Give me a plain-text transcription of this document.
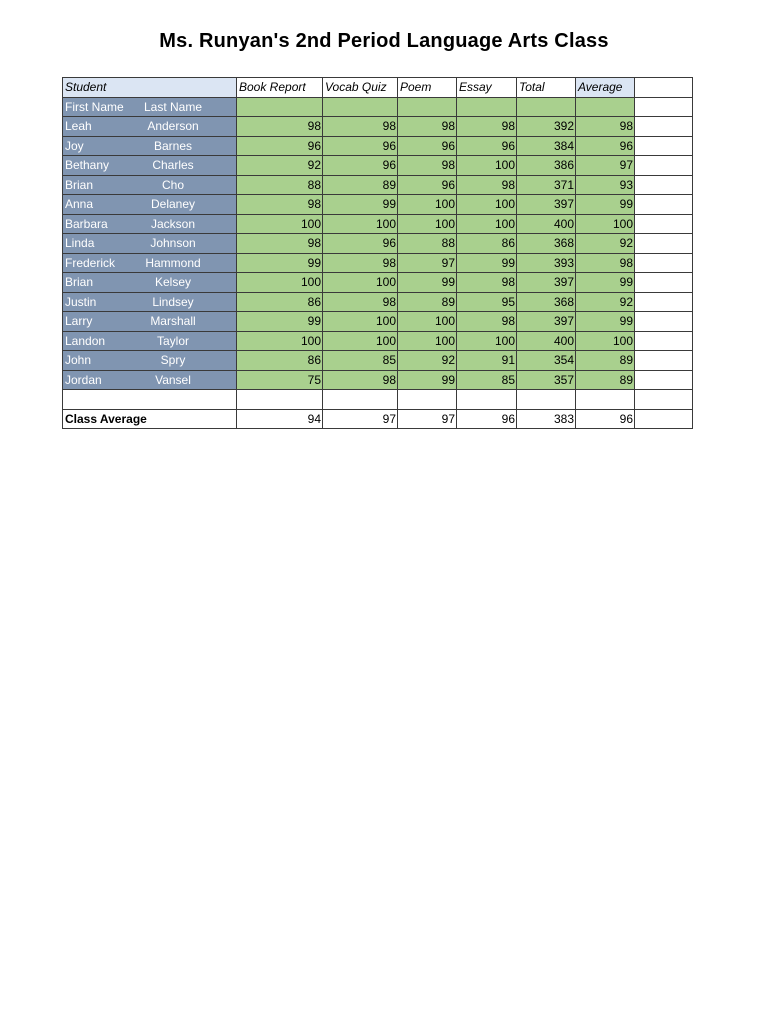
Ms. Runyan's 2nd Period Language Arts Class
Student	Book Report	Vocab Quiz	Poem	Essay	Total	Average	

First Name Last Name							

Leah Anderson	98	98	98	98	392	98	

Joy Barnes	96	96	96	96	384	96	

Bethany Charles	92	96	98	100	386	97	

Brian Cho	88	89	96	98	371	93	

Anna Delaney	98	99	100	100	397	99	

Barbara Jackson	100	100	100	100	400	100	

Linda Johnson	98	96	88	86	368	92	

Frederick Hammond	99	98	97	99	393	98	

Brian Kelsey	100	100	99	98	397	99	

Justin Lindsey	86	98	89	95	368	92	

Larry Marshall	99	100	100	98	397	99	

Landon Taylor	100	100	100	100	400	100	

John Spry	86	85	92	91	354	89	

Jordan Vansel	75	98	99	85	357	89	

Class Average	94	97	97	96	383	96	
